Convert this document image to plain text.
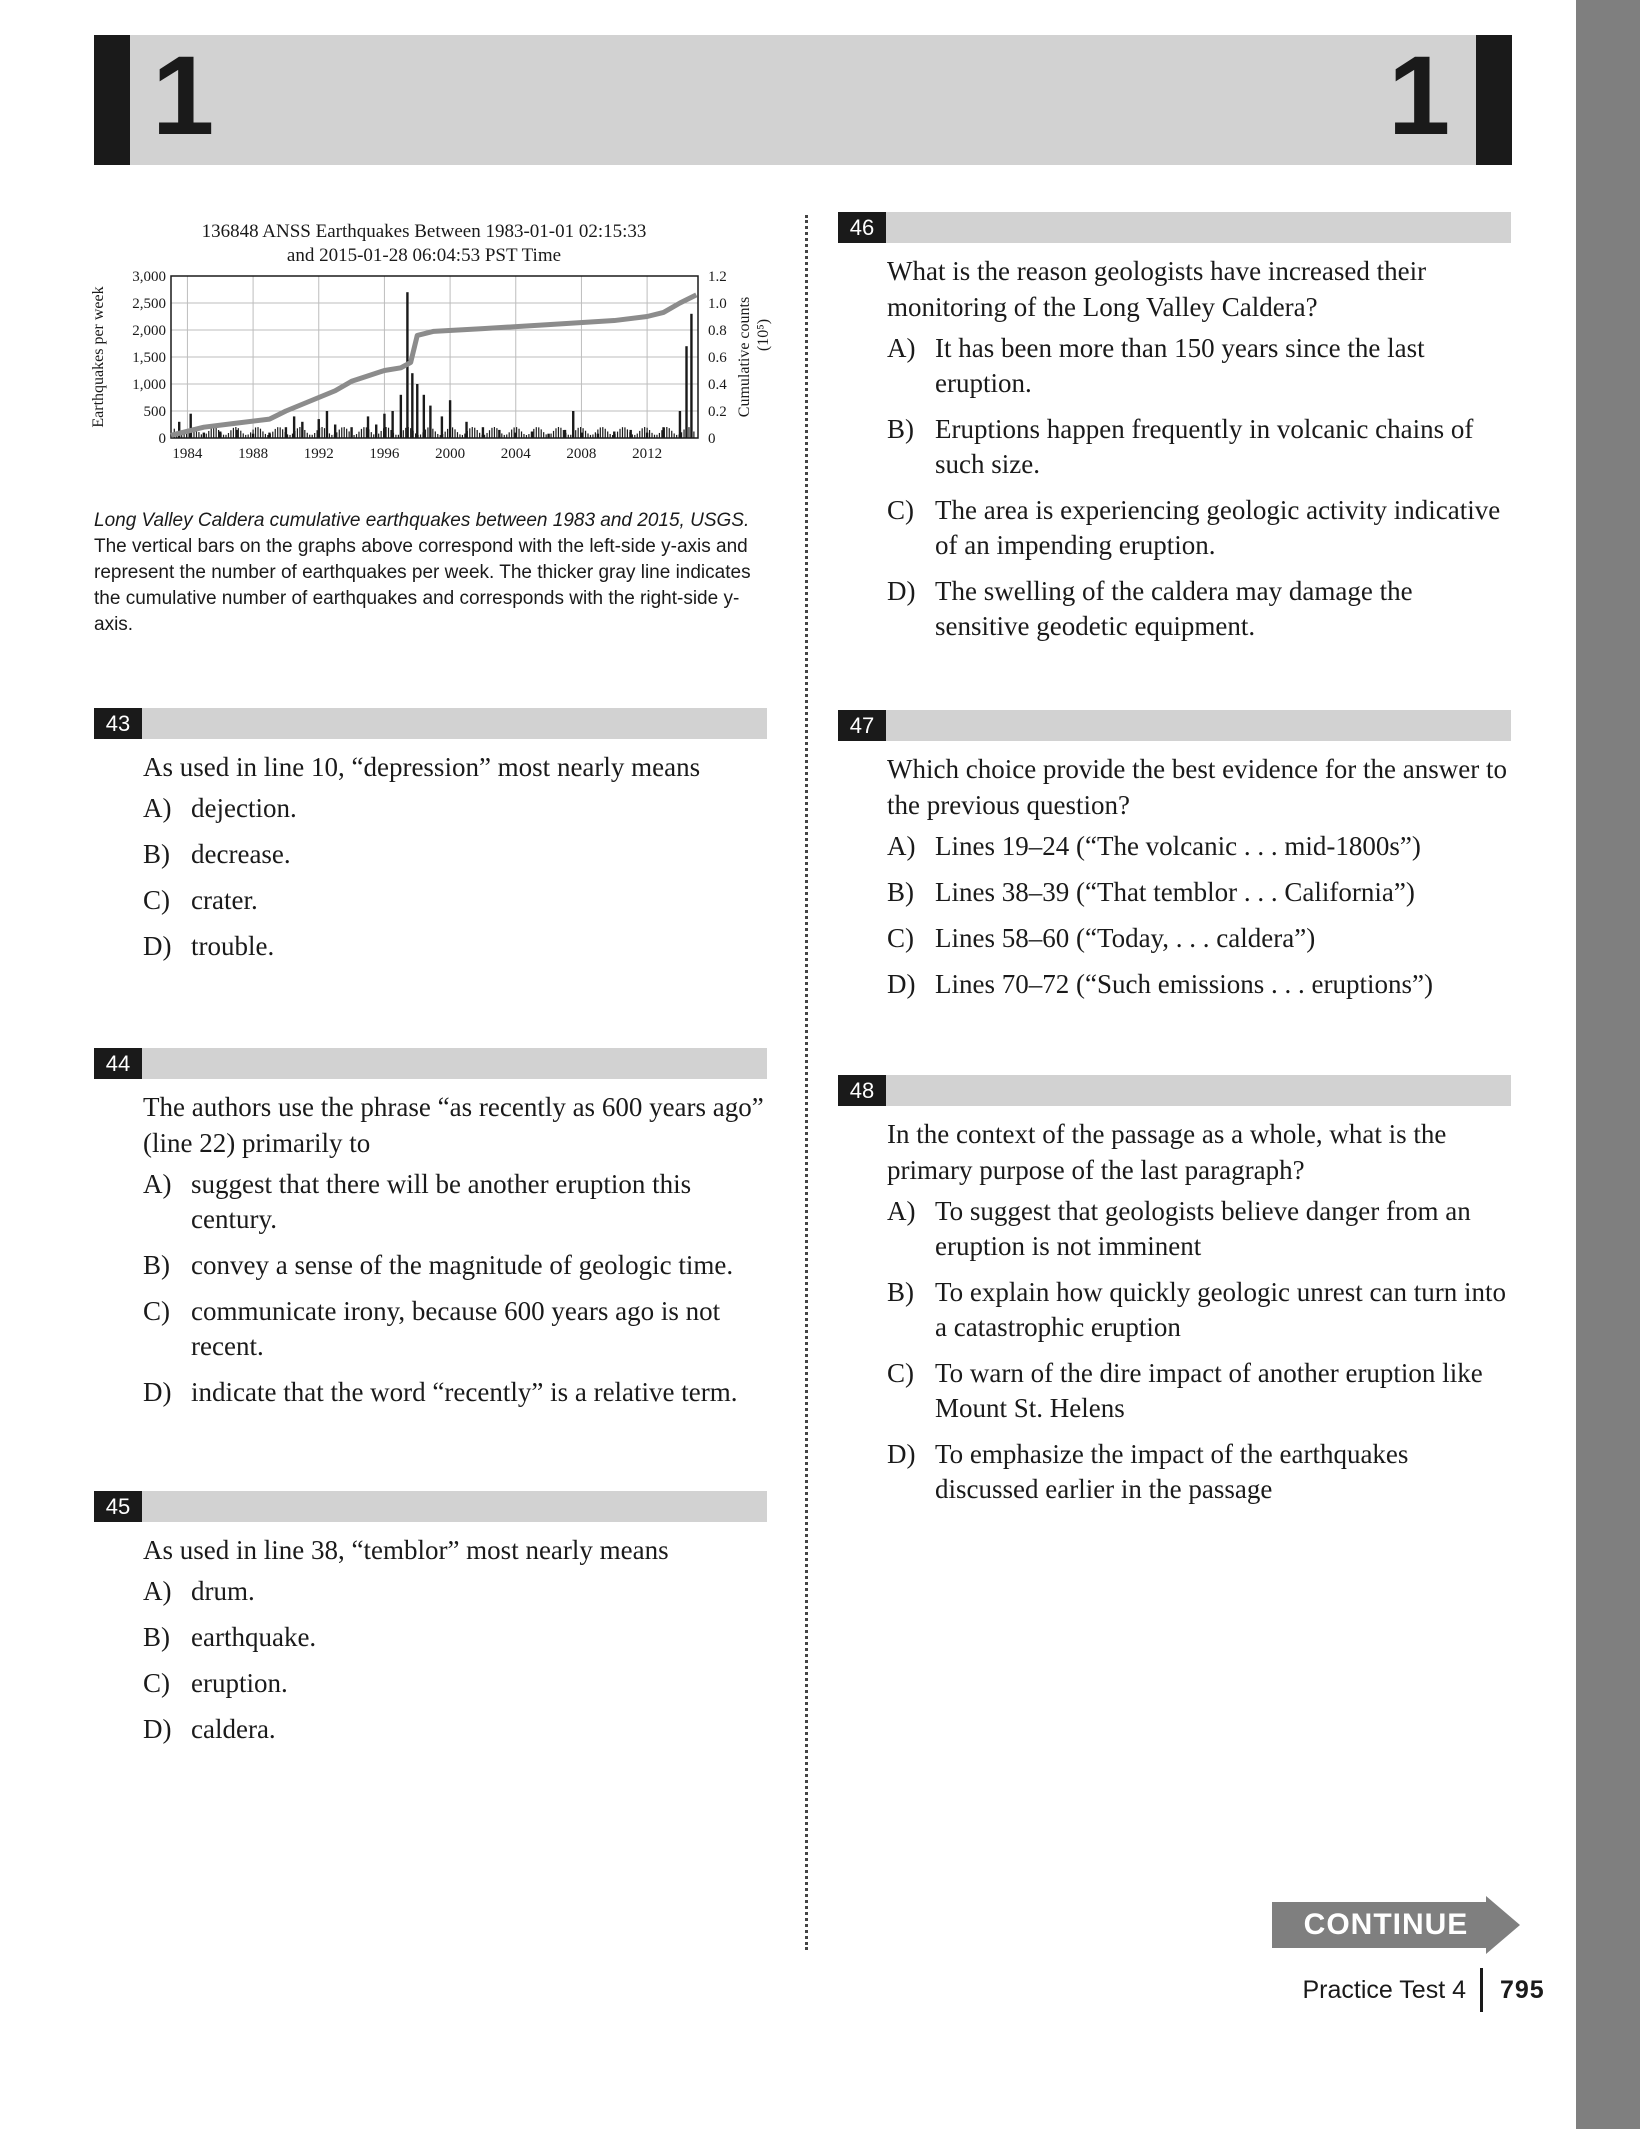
1	1
136848 ANSS Earthquakes Between 1983-01-01 02:15:33
and 2015-01-28 06:04:53 PST Time
3,000
2,500
2,000
1,500
1,000
500
0
1.2
1.0
0.8
0.6
0.4
0.2
0
1984 1988 1992 1996 2000 2004 2008 2012
Earthquakes per week	Cumulative counts (10⁵)
Long Valley Caldera cumulative earthquakes between 1983 and 2015, USGS. The vertical bars on the graphs above correspond with the left-side y-axis and represent the number of earthquakes per week. The thicker gray line indicates the cumulative number of earthquakes and corresponds with the right-side y-axis.
43
As used in line 10, “depression” most nearly means
A) dejection.
B) decrease.
C) crater.
D) trouble.
44
The authors use the phrase “as recently as 600 years ago” (line 22) primarily to
A) suggest that there will be another eruption this century.
B) convey a sense of the magnitude of geologic time.
C) communicate irony, because 600 years ago is not recent.
D) indicate that the word “recently” is a relative term.
45
As used in line 38, “temblor” most nearly means
A) drum.
B) earthquake.
C) eruption.
D) caldera.
46
What is the reason geologists have increased their monitoring of the Long Valley Caldera?
A) It has been more than 150 years since the last eruption.
B) Eruptions happen frequently in volcanic chains of such size.
C) The area is experiencing geologic activity indicative of an impending eruption.
D) The swelling of the caldera may damage the sensitive geodetic equipment.
47
Which choice provide the best evidence for the answer to the previous question?
A) Lines 19–24 (“The volcanic . . . mid-1800s”)
B) Lines 38–39 (“That temblor . . . California”)
C) Lines 58–60 (“Today, . . . caldera”)
D) Lines 70–72 (“Such emissions . . . eruptions”)
48
In the context of the passage as a whole, what is the primary purpose of the last paragraph?
A) To suggest that geologists believe danger from an eruption is not imminent
B) To explain how quickly geologic unrest can turn into a catastrophic eruption
C) To warn of the dire impact of another eruption like Mount St. Helens
D) To emphasize the impact of the earthquakes discussed earlier in the passage
CONTINUE
Practice Test 4 795
